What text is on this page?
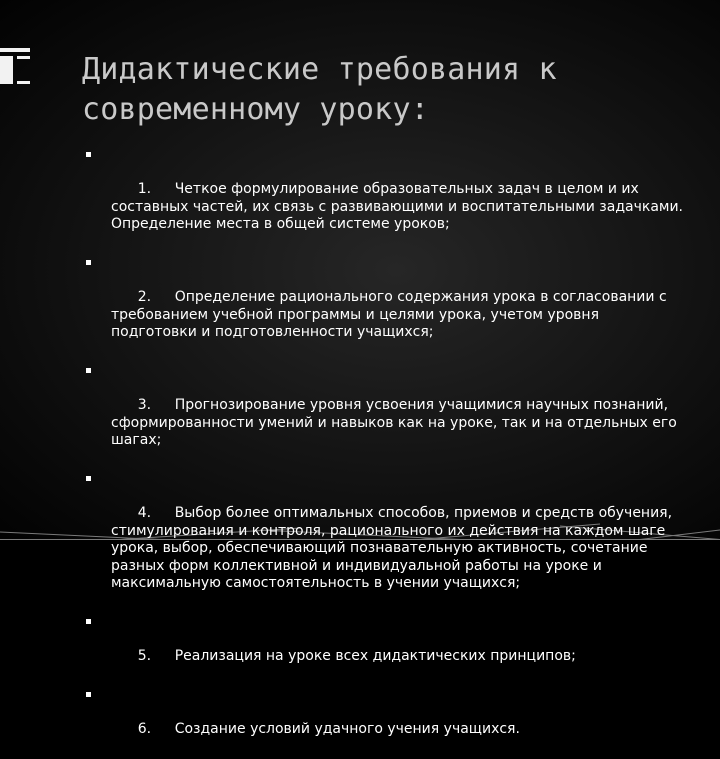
Дидактические требования к
современному уроку:

1. Четкое формулирование образовательных задач в целом и их составных частей, их связь с развивающими и воспитательными задачками. Определение места в общей системе уроков;

2. Определение рационального содержания урока в согласовании с требованием учебной программы и целями урока, учетом уровня подготовки и подготовленности учащихся;

3. Прогнозирование уровня усвоения учащимися научных познаний, сформированности умений и навыков как на уроке, так и на отдельных его шагах;

4. Выбор более оптимальных способов, приемов и средств обучения, стимулирования и контроля, рационального их действия на каждом шаге урока, выбор, обеспечивающий познавательную активность, сочетание разных форм коллективной и индивидуальной работы на уроке и максимальную самостоятельность в учении учащихся;

5. Реализация на уроке всех дидактических принципов;

6. Создание условий удачного учения учащихся.
